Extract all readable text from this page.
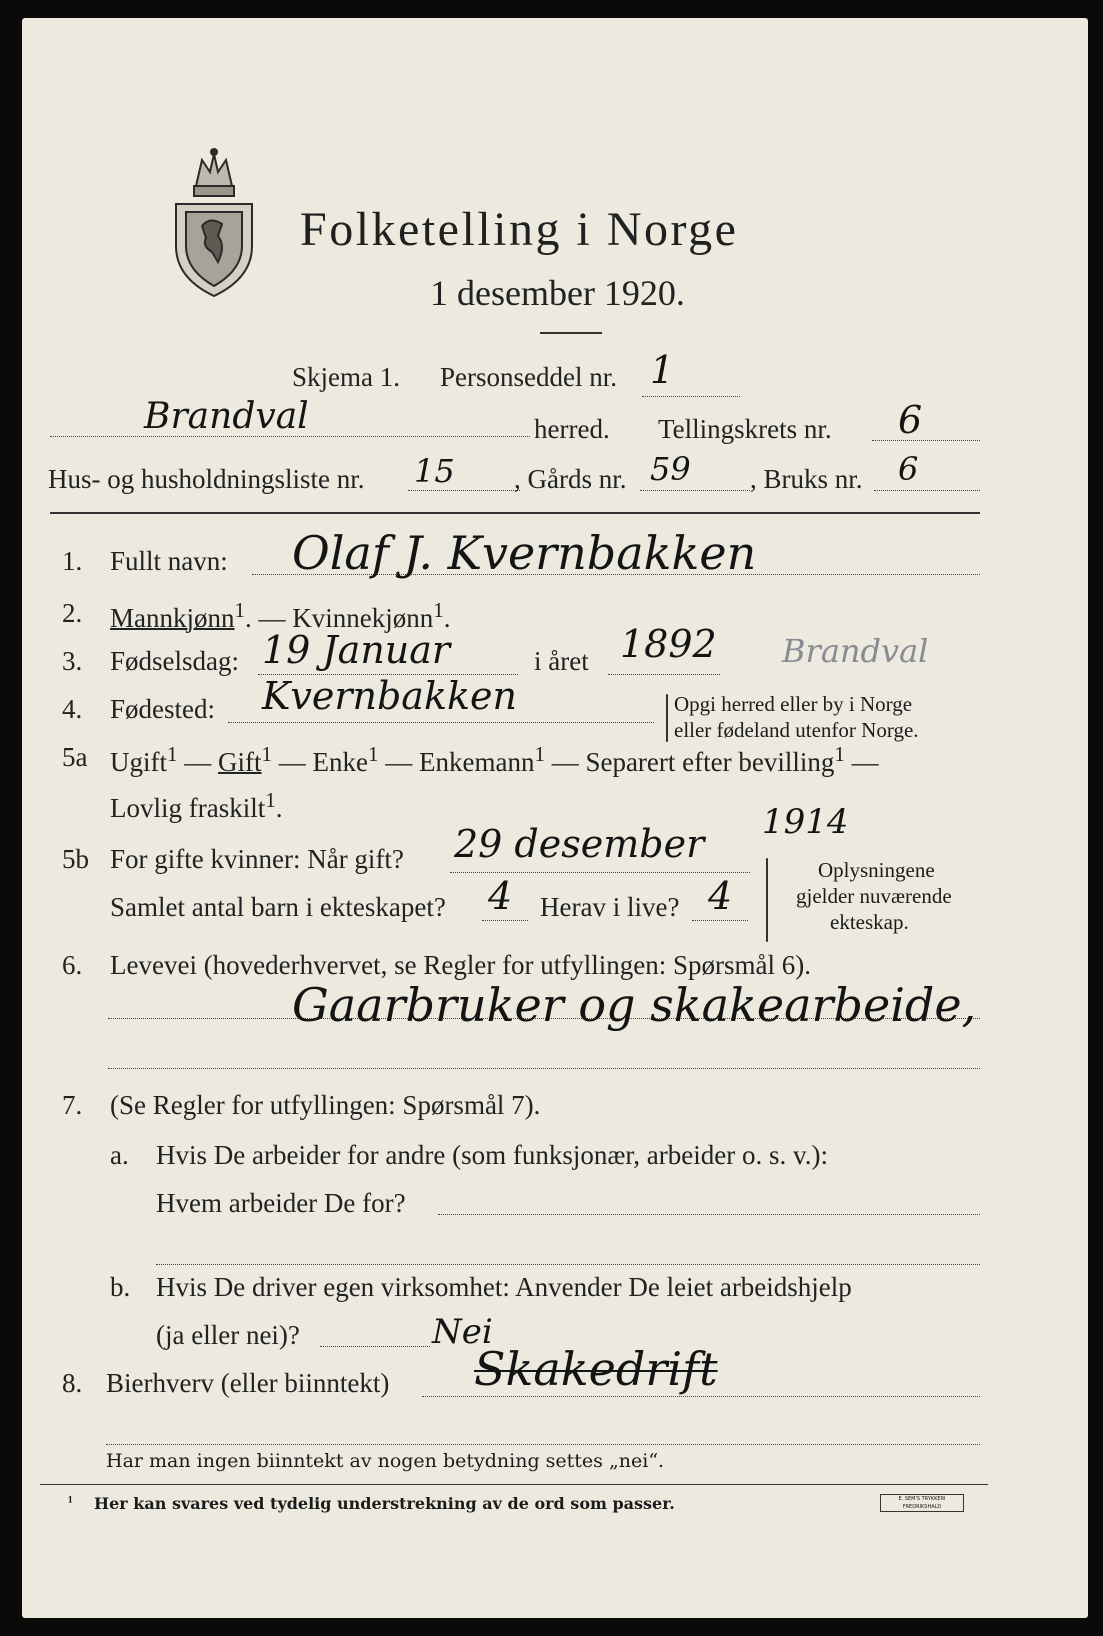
Folketelling i Norge
1 desember 1920.
Skjema 1. Personseddel nr. 1
Brandval	herred. Tellingskrets nr. 6
Hus- og husholdningsliste nr. 15 , Gårds nr. 59 , Bruks nr. 6
1. Fullt navn: Olaf J. Kvernbakken
2. Mannkjønn$^1$. — Kvinnekjønn$^1$.
3. Fødselsdag: 19 Januar	i året 1892 Brandval
4. Fødested: Kvernbakken	Opgi herred eller by i Norge
eller fødeland utenfor Norge.
5a Ugift$^1$ — Gift$^1$ — Enke$^1$ — Enkemann$^1$ — Separert efter bevilling$^1$ —
Lovlig fraskilt$^1$.
5b For gifte kvinner: Når gift? 29 desember 1914
Samlet antal barn i ekteskapet? 4 Herav i live? 4
Oplysningene
gjelder nuværende
ekteskap.
6. Levevei (hovederhvervet, se Regler for utfyllingen: Spørsmål 6).
Gaarbruker og skakearbeide,
7. (Se Regler for utfyllingen: Spørsmål 7).
a. Hvis De arbeider for andre (som funksjonær, arbeider o. s. v.):
Hvem arbeider De for?
b. Hvis De driver egen virksomhet: Anvender De leiet arbeidshjelp
(ja eller nei)?	Nei
8. Bierhverv (eller biinntekt) Skakedrift
Har man ingen biinntekt av nogen betydning settes „nei“.
¹ Her kan svares ved tydelig understrekning av de ord som passer.	E. SEM'S TRYKKERI FREDRIKSHALD
